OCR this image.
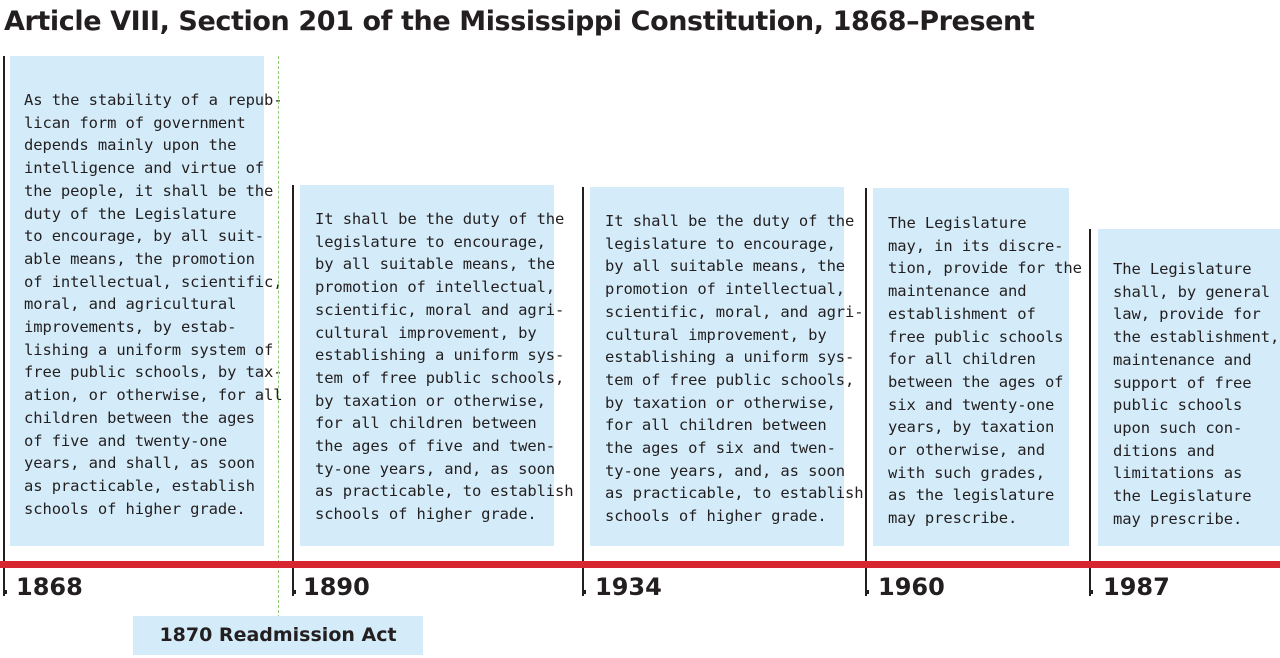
Article VIII, Section 201 of the Mississippi Constitution, 1868–Present
As the stability of a repub-
lican form of government
depends mainly upon the
intelligence and virtue of
the people, it shall be the
duty of the Legislature
to encourage, by all suit-
able means, the promotion
of intellectual, scientific,
moral, and agricultural
improvements, by estab-
lishing a uniform system of
free public schools, by tax-
ation, or otherwise, for all
children between the ages
of five and twenty-one
years, and shall, as soon
as practicable, establish
schools of higher grade.
It shall be the duty of the
legislature to encourage,
by all suitable means, the
promotion of intellectual,
scientific, moral and agri-
cultural improvement, by
establishing a uniform sys-
tem of free public schools,
by taxation or otherwise,
for all children between
the ages of five and twen-
ty-one years, and, as soon
as practicable, to establish
schools of higher grade.
It shall be the duty of the
legislature to encourage,
by all suitable means, the
promotion of intellectual,
scientific, moral, and agri-
cultural improvement, by
establishing a uniform sys-
tem of free public schools,
by taxation or otherwise,
for all children between
the ages of six and twen-
ty-one years, and, as soon
as practicable, to establish
schools of higher grade.
The Legislature
may, in its discre-
tion, provide for the
maintenance and
establishment of
free public schools
for all children
between the ages of
six and twenty-one
years, by taxation
or otherwise, and
with such grades,
as the legislature
may prescribe.
The Legislature
shall, by general
law, provide for
the establishment,
maintenance and
support of free
public schools
upon such con-
ditions and
limitations as
the Legislature
may prescribe.
1868	1890	1934	1960	1987
1870 Readmission Act
